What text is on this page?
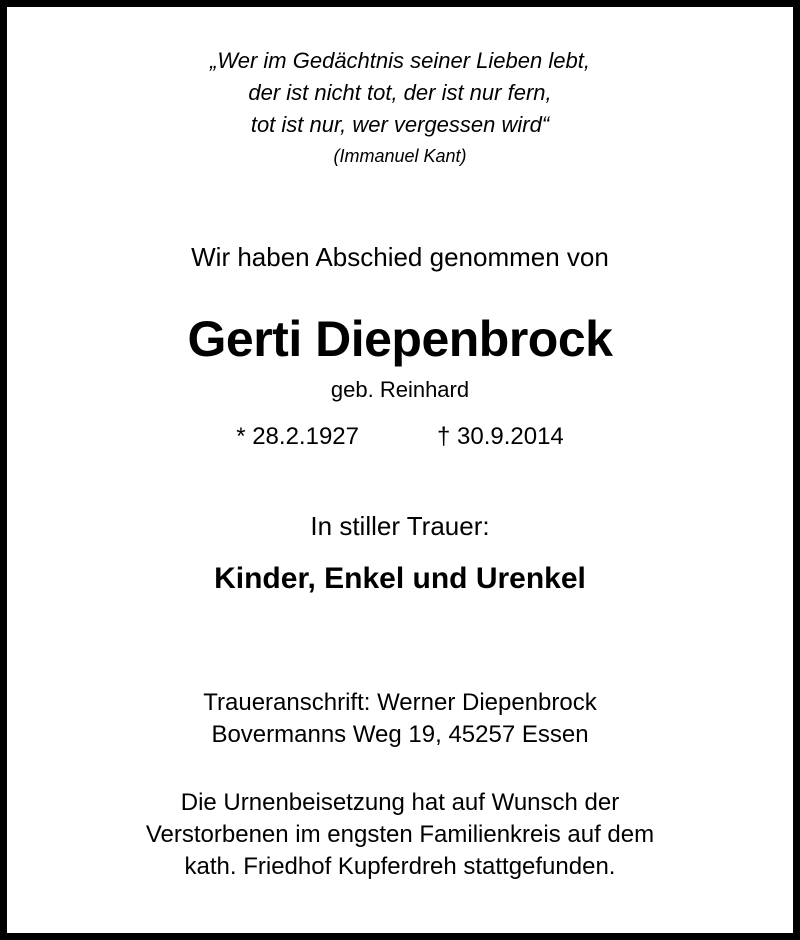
„Wer im Gedächtnis seiner Lieben lebt,
der ist nicht tot, der ist nur fern,
tot ist nur, wer vergessen wird“
(Immanuel Kant)
Wir haben Abschied genommen von
Gerti Diepenbrock
geb. Reinhard
* 28.2.1927	† 30.9.2014
In stiller Trauer:
Kinder, Enkel und Urenkel
Traueranschrift: Werner Diepenbrock
Bovermanns Weg 19, 45257 Essen
Die Urnenbeisetzung hat auf Wunsch der
Verstorbenen im engsten Familienkreis auf dem
kath. Friedhof Kupferdreh stattgefunden.
